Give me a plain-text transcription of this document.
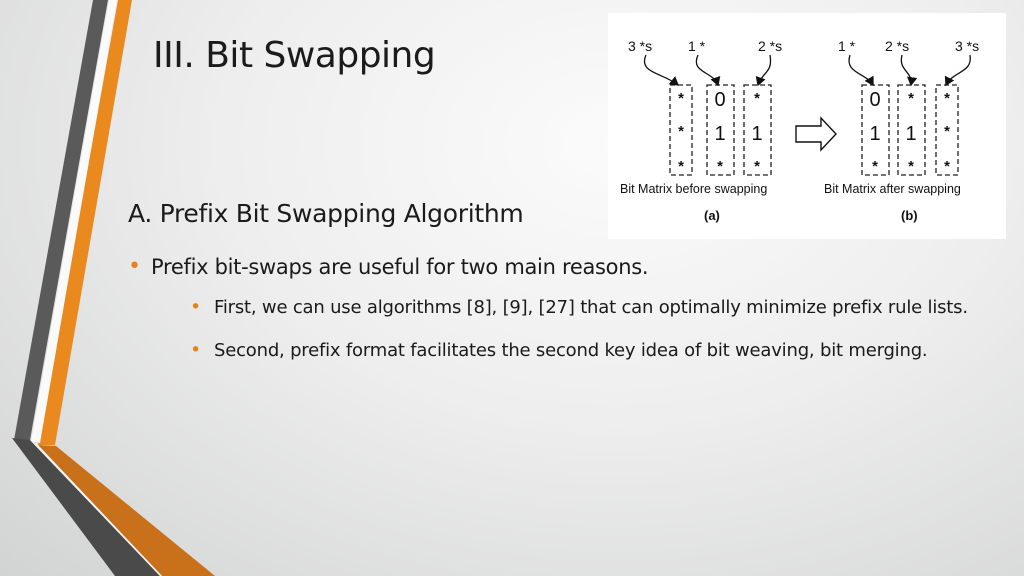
III. Bit Swapping
A. Prefix Bit Swapping Algorithm
• Prefix bit-swaps are useful for two main reasons.
• First, we can use algorithms [8], [9], [27] that can optimally minimize prefix rule lists.
• Second, prefix format facilitates the second key idea of bit weaving, bit merging.
3 *s	1 *	2 *s	1 * 2 *s	3 *s
*
*
*
0
1
*
*
1
*
0
1
*
*
1
*
*
*
*
Bit Matrix before swapping	Bit Matrix after swapping
(a)	(b)
